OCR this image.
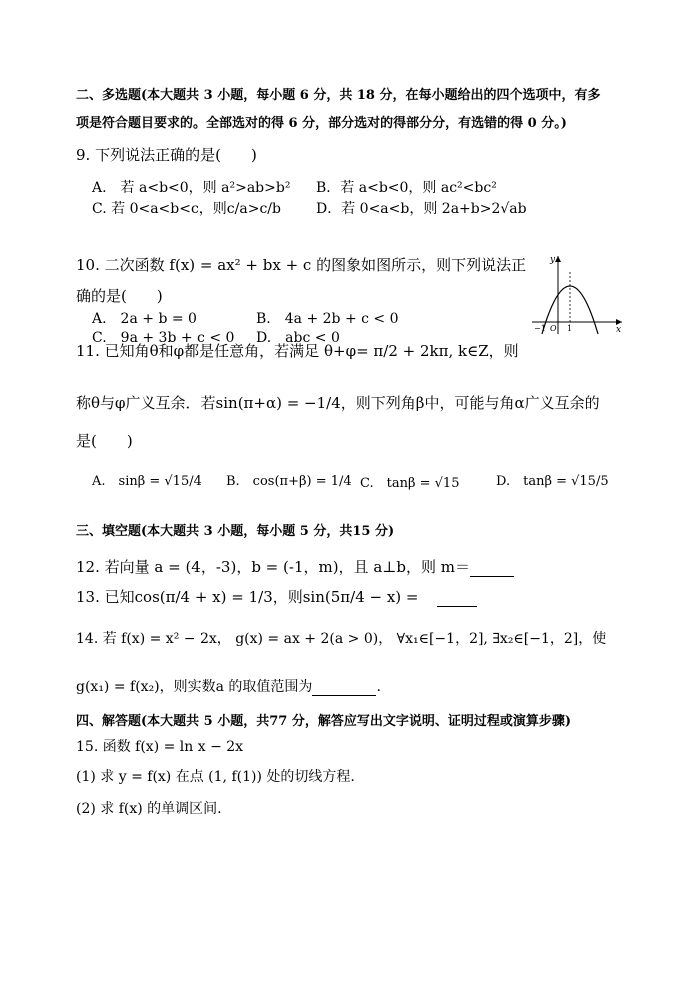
二、多选题(本大题共 3 小题，每小题 6 分，共 18 分，在每小题给出的四个选项中，有多
项是符合题目要求的。全部选对的得 6 分，部分选对的得部分分，有选错的得 0 分。)
9. 下列说法正确的是(　　)
A.　若 a<b<0，则 a²>ab>b² B．若 a<b<0，则 ac²<bc²
C. 若 0<a<b<c，则c/a>c/b	D．若 0<a<b，则 2a+b>2√ab
10. 二次函数 f(x) = ax² + bx + c 的图象如图所示，则下列说法正
确的是(　　)
A.　2a + b = 0	B.　4a + 2b + c < 0
C.　9a + 3b + c < 0 D.　abc < 0
y
x
O
−1	1
11. 已知角θ和φ都是任意角，若满足 θ+φ= π/2 + 2kπ, k∈Z，则
称θ与φ广义互余．若sin(π+α) = −1/4，则下列角β中，可能与角α广义互余的
是(　　)
A.　sinβ = √15/4 B.　cos(π+β) = 1/4 C.　tanβ = √15	D.　tanβ = √15/5
三、填空题(本大题共 3 小题，每小题 5 分，共15 分)
12. 若向量 a = (4，-3)，b = (-1，m)，且 a⊥b，则 m＝
13. 已知cos(π/4 + x) = 1/3，则sin(5π/4 − x) =
14. 若 f(x) = x² − 2x， g(x) = ax + 2(a > 0)， ∀x₁∈[−1，2], ∃x₂∈[−1，2]，使
g(x₁) = f(x₂)，则实数a 的取值范围为	.
四、解答题(本大题共 5 小题，共77 分，解答应写出文字说明、证明过程或演算步骤)
15. 函数 f(x) = ln x − 2x
(1) 求 y = f(x) 在点 (1, f(1)) 处的切线方程.
(2) 求 f(x) 的单调区间.
